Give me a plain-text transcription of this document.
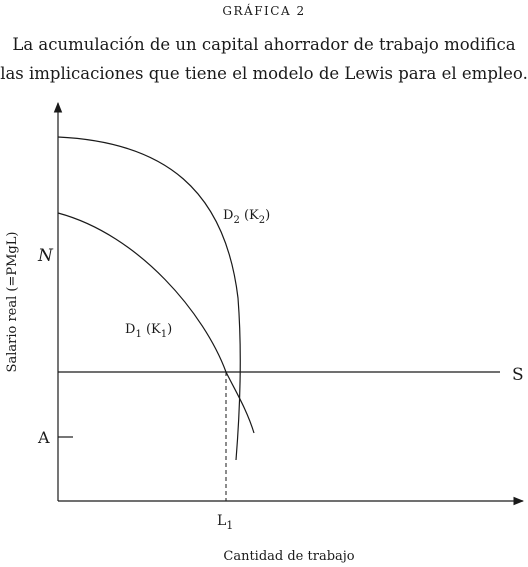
GRÁFICA 2
La acumulación de un capital ahorrador de trabajo modifica
las implicaciones que tiene el modelo de Lewis para el empleo.
N
A
S
$L_1$
$D_2$ $(K_2)$
$D_1$ $(K_1)$
Cantidad de trabajo
Salario real (=PMgL)
